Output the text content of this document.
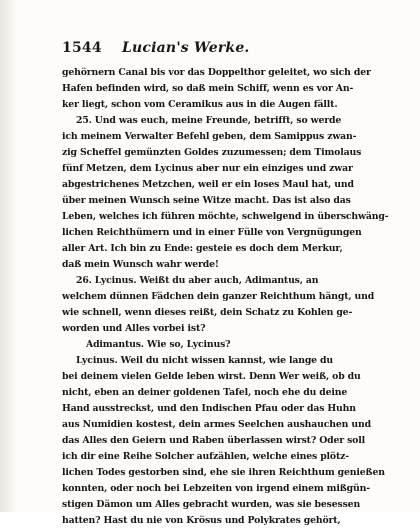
1544 Lucian's Werke.
gehörnern Canal bis vor das Doppelthor geleitet, wo sich der
Hafen befinden wird, so daß mein Schiff, wenn es vor An-
ker liegt, schon vom Ceramikus aus in die Augen fällt.
25. Und was euch, meine Freunde, betrifft, so werde
ich meinem Verwalter Befehl geben, dem Samippus zwan-
zig Scheffel gemünzten Goldes zuzumessen; dem Timolaus
fünf Metzen, dem Lycinus aber nur ein einziges und zwar
abgestrichenes Metzchen, weil er ein loses Maul hat, und
über meinen Wunsch seine Witze macht. Das ist also das
Leben, welches ich führen möchte, schwelgend in überschwäng-
lichen Reichthümern und in einer Fülle von Vergnügungen
aller Art. Ich bin zu Ende: gesteie es doch dem Merkur,
daß mein Wunsch wahr werde!
26. Lycinus. Weißt du aber auch, Adimantus, an
welchem dünnen Fädchen dein ganzer Reichthum hängt, und
wie schnell, wenn dieses reißt, dein Schatz zu Kohlen ge-
worden und Alles vorbei ist?
Adimantus. Wie so, Lycinus?
Lycinus. Weil du nicht wissen kannst, wie lange du
bei deinem vielen Gelde leben wirst. Denn Wer weiß, ob du
nicht, eben an deiner goldenen Tafel, noch ehe du deine
Hand ausstreckst, und den Indischen Pfau oder das Huhn
aus Numidien kostest, dein armes Seelchen aushauchen und
das Alles den Geiern und Raben überlassen wirst? Oder soll
ich dir eine Reihe Solcher aufzählen, welche eines plötz-
lichen Todes gestorben sind, ehe sie ihren Reichthum genießen
konnten, oder noch bei Lebzeiten von irgend einem mißgün-
stigen Dämon um Alles gebracht wurden, was sie besessen
hatten? Hast du nie von Krösus und Polykrates gehört,
